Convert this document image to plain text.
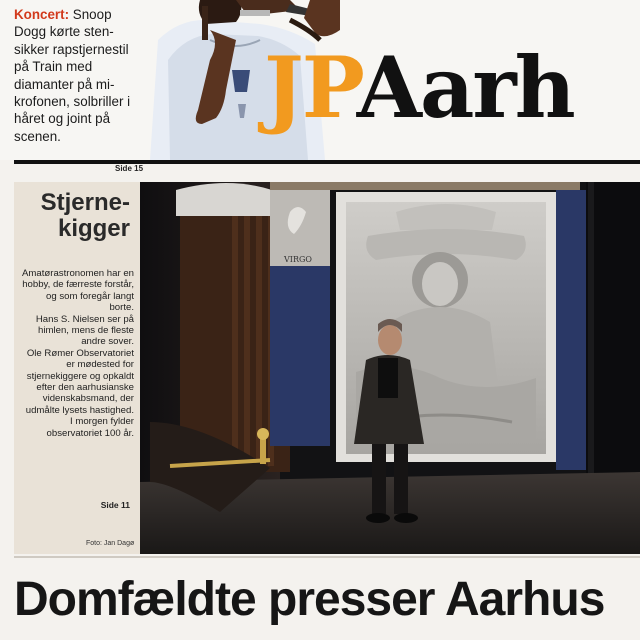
Koncert: Snoop Dogg kørte stensikker rapstjernestil på Train med diamanter på mikrofonen, solbriller i håret og joint på scenen.	JPAarh
Side 15
Stjerne-
kigger

Amatørastronomen har en hobby, de færreste forstår, og som foregår langt borte.

Hans S. Nielsen ser på himlen, mens de fleste andre sover.

Ole Rømer Observatoriet er mødested for stjernekiggere og opkaldt efter den aarhusianske videnskabsmand, der udmålte lysets hastighed.

I morgen fylder observatoriet 100 år.

Side 11
Foto: Jan Dagø
VIRGO
Domfældte presser Aarhus
